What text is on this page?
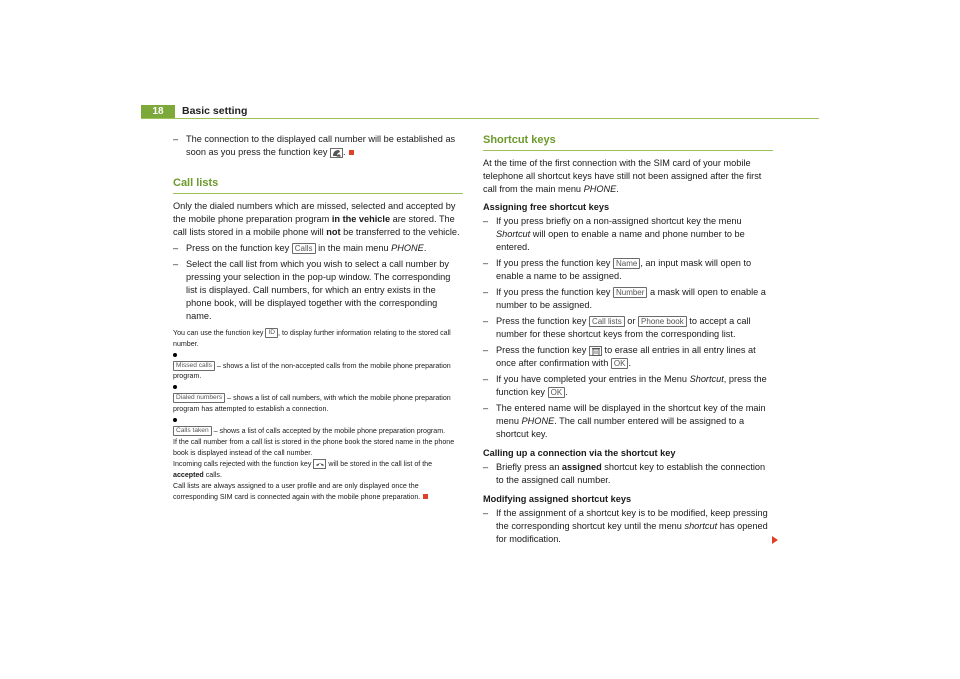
18	Basic setting
– The connection to the displayed call number will be established as soon as you press the function key .
Call lists

Only the dialed numbers which are missed, selected and accepted by the mobile phone preparation program in the vehicle are stored. The call lists stored in a mobile phone will not be transferred to the vehicle.

– Press on the function key Calls in the main menu PHONE.
– Select the call list from which you wish to select a call number by pressing your selection in the pop-up window. The corresponding list is displayed. Call numbers, for which an entry exists in the phone book, will be displayed together with the corresponding name.

You can use the function key ID , to display further information relating to the stored call number.

Missed calls – shows a list of the non-accepted calls from the mobile phone preparation program.

Dialed numbers – shows a list of call numbers, with which the mobile phone preparation program has attempted to establish a connection.

Calls taken – shows a list of calls accepted by the mobile phone preparation program.

If the call number from a call list is stored in the phone book the stored name in the phone book is displayed instead of the call number.

Incoming calls rejected with the function key will be stored in the call list of the accepted calls.

Call lists are always assigned to a user profile and are only displayed once the corresponding SIM card is connected again with the mobile phone preparation.

Shortcut keys

At the time of the first connection with the SIM card of your mobile telephone all shortcut keys have still not been assigned after the first call from the main menu PHONE.

Assigning free shortcut keys
– If you press briefly on a non-assigned shortcut key the menu Shortcut will open to enable a name and phone number to be entered.
– If you press the function key Name , an input mask will open to enable a name to be assigned.
– If you press the function key Number a mask will open to enable a number to be assigned.
– Press the function key Call lists or Phone book to accept a call number for these shortcut keys from the corresponding list.
– Press the function key to erase all entries in all entry lines at once after confirmation with OK .
– If you have completed your entries in the Menu Shortcut, press the function key OK .
– The entered name will be displayed in the shortcut key of the main menu PHONE. The call number entered will be assigned to a shortcut key.
Calling up a connection via the shortcut key
– Briefly press an assigned shortcut key to establish the connection to the assigned call number.
Modifying assigned shortcut keys
– If the assignment of a shortcut key is to be modified, keep pressing the corresponding shortcut key until the menu shortcut has opened for modification.
